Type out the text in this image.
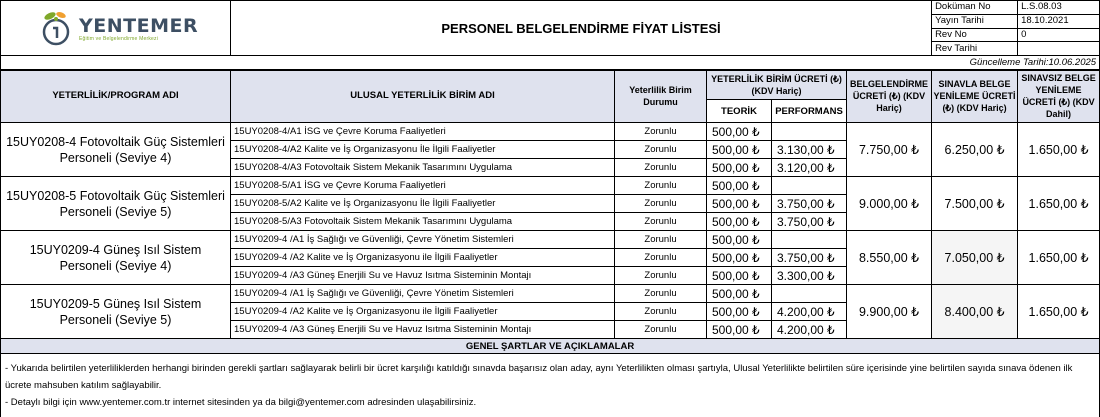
YENTEMER
Eğitim ve Belgelendirme Merkezi	PERSONEL BELGELENDİRME FİYAT LİSTESİ					Doküman No	L.S.08.03
						Yayın Tarihi	18.10.2021
						Rev No	0
						Rev Tarihi	
Güncelleme Tarihi:10.06.2025							
YETERLİLİK/PROGRAM ADI	ULUSAL YETERLİLİK BİRİM ADI	Yeterlilik Birim Durumu	YETERLİLİK BİRİM ÜCRETİ (₺) (KDV Hariç)		BELGELENDİRME ÜCRETİ (₺) (KDV Hariç)	SINAVLA BELGE YENİLEME ÜCRETİ (₺) (KDV Hariç)	SINAVSIZ BELGE YENİLEME ÜCRETİ (₺) (KDV Dahil)
			TEORİK	PERFORMANS			
15UY0208-4 Fotovoltaik Güç Sistemleri Personeli (Seviye 4)	15UY0208-4/A1 İSG ve Çevre Koruma Faaliyetleri	Zorunlu	500,00 ₺		7.750,00 ₺	6.250,00 ₺	1.650,00 ₺
	15UY0208-4/A2 Kalite ve İş Organizasyonu İle İlgili Faaliyetler	Zorunlu	500,00 ₺	3.130,00 ₺			
	15UY0208-4/A3 Fotovoltaik Sistem Mekanik Tasarımını Uygulama	Zorunlu	500,00 ₺	3.120,00 ₺			
15UY0208-5 Fotovoltaik Güç Sistemleri Personeli (Seviye 5)	15UY0208-5/A1 İSG ve Çevre Koruma Faaliyetleri	Zorunlu	500,00 ₺		9.000,00 ₺	7.500,00 ₺	1.650,00 ₺
	15UY0208-5/A2 Kalite ve İş Organizasyonu İle İlgili Faaliyetler	Zorunlu	500,00 ₺	3.750,00 ₺			
	15UY0208-5/A3 Fotovoltaik Sistem Mekanik Tasarımını Uygulama	Zorunlu	500,00 ₺	3.750,00 ₺			
15UY0209-4 Güneş Isıl Sistem Personeli (Seviye 4)	15UY0209-4 /A1 İş Sağlığı ve Güvenliği, Çevre Yönetim Sistemleri	Zorunlu	500,00 ₺		8.550,00 ₺	7.050,00 ₺	1.650,00 ₺
	15UY0209-4 /A2 Kalite ve İş Organizasyonu ile İlgili Faaliyetler	Zorunlu	500,00 ₺	3.750,00 ₺			
	15UY0209-4 /A3 Güneş Enerjili Su ve Havuz Isıtma Sisteminin Montajı	Zorunlu	500,00 ₺	3.300,00 ₺			
15UY0209-5 Güneş Isıl Sistem Personeli (Seviye 5)	15UY0209-4 /A1 İş Sağlığı ve Güvenliği, Çevre Yönetim Sistemleri	Zorunlu	500,00 ₺		9.900,00 ₺	8.400,00 ₺	1.650,00 ₺
	15UY0209-4 /A2 Kalite ve İş Organizasyonu ile İlgili Faaliyetler	Zorunlu	500,00 ₺	4.200,00 ₺			
	15UY0209-4 /A3 Güneş Enerjili Su ve Havuz Isıtma Sisteminin Montajı	Zorunlu	500,00 ₺	4.200,00 ₺			
GENEL ŞARTLAR VE AÇIKLAMALAR							

- Yukarıda belirtilen yeterliliklerden herhangi birinden gerekli şartları sağlayarak belirli bir ücret karşılığı katıldığı sınavda başarısız olan aday, aynı Yeterlilikten olması şartıyla, Ulusal Yeterlilikte belirtilen süre içerisinde yine belirtilen sayıda sınava ödenen ilk ücrete mahsuben katılım sağlayabilir.
- Detaylı bilgi için www.yentemer.com.tr internet sitesinden ya da bilgi@yentemer.com adresinden ulaşabilirsiniz.							
